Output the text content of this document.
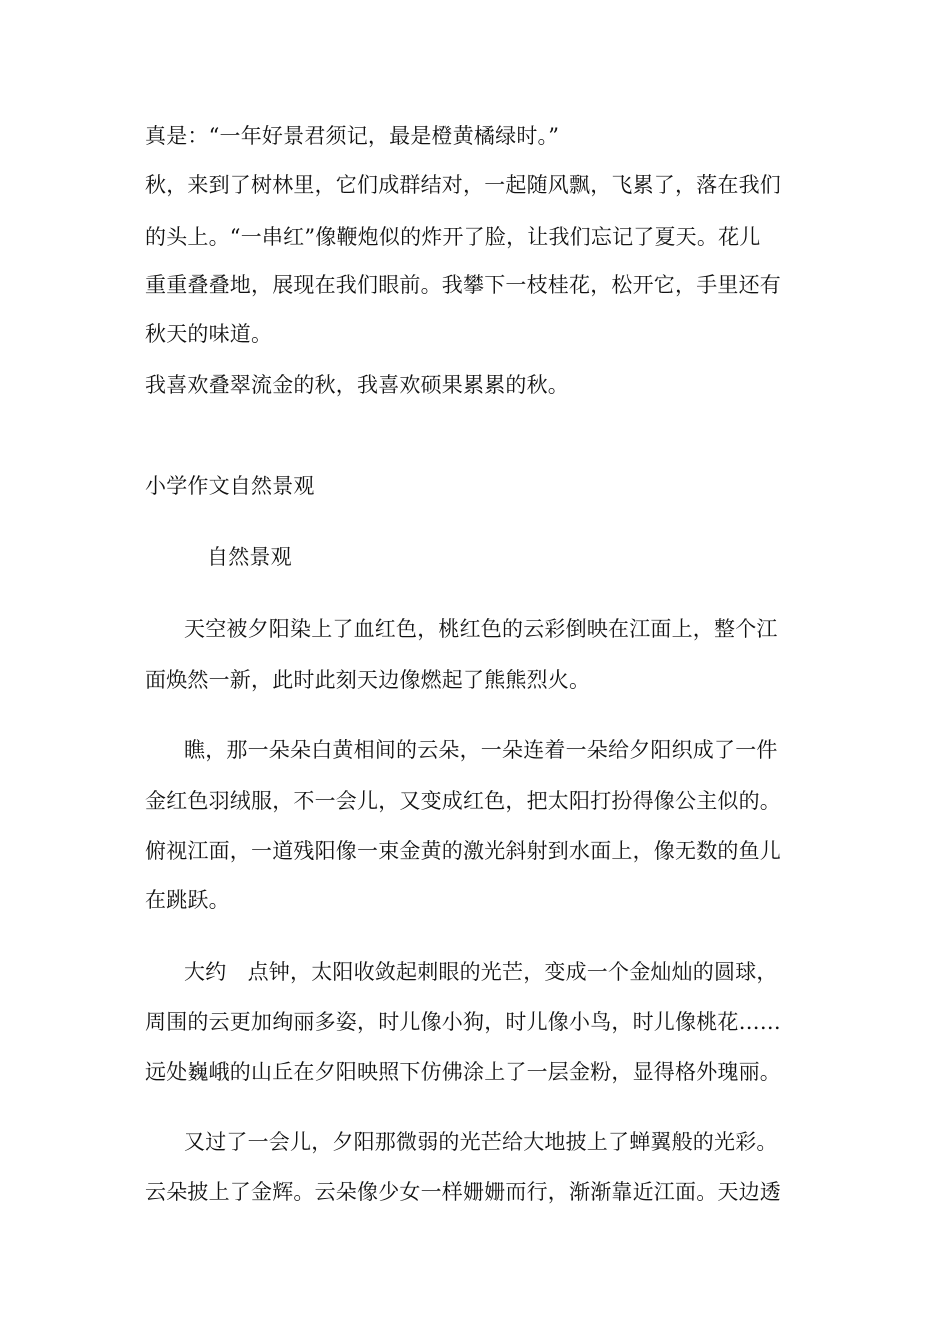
真是：“一年好景君须记，最是橙黄橘绿时。”
秋，来到了树林里，它们成群结对，一起随风飘，飞累了，落在我们
的头上。“一串红”像鞭炮似的炸开了脸，让我们忘记了夏天。花儿
重重叠叠地，展现在我们眼前。我攀下一枝桂花，松开它，手里还有
秋天的味道。
我喜欢叠翠流金的秋，我喜欢硕果累累的秋。
小学作文自然景观
自然景观
天空被夕阳染上了血红色，桃红色的云彩倒映在江面上，整个江
面焕然一新，此时此刻天边像燃起了熊熊烈火。
瞧，那一朵朵白黄相间的云朵，一朵连着一朵给夕阳织成了一件
金红色羽绒服，不一会儿，又变成红色，把太阳打扮得像公主似的。
俯视江面，一道残阳像一束金黄的激光斜射到水面上，像无数的鱼儿
在跳跃。
大约　点钟，太阳收敛起刺眼的光芒，变成一个金灿灿的圆球，
周围的云更加绚丽多姿，时儿像小狗，时儿像小鸟，时儿像桃花……
远处巍峨的山丘在夕阳映照下仿佛涂上了一层金粉，显得格外瑰丽。
又过了一会儿，夕阳那微弱的光芒给大地披上了蝉翼般的光彩。
云朵披上了金辉。云朵像少女一样姗姗而行，渐渐靠近江面。天边透
